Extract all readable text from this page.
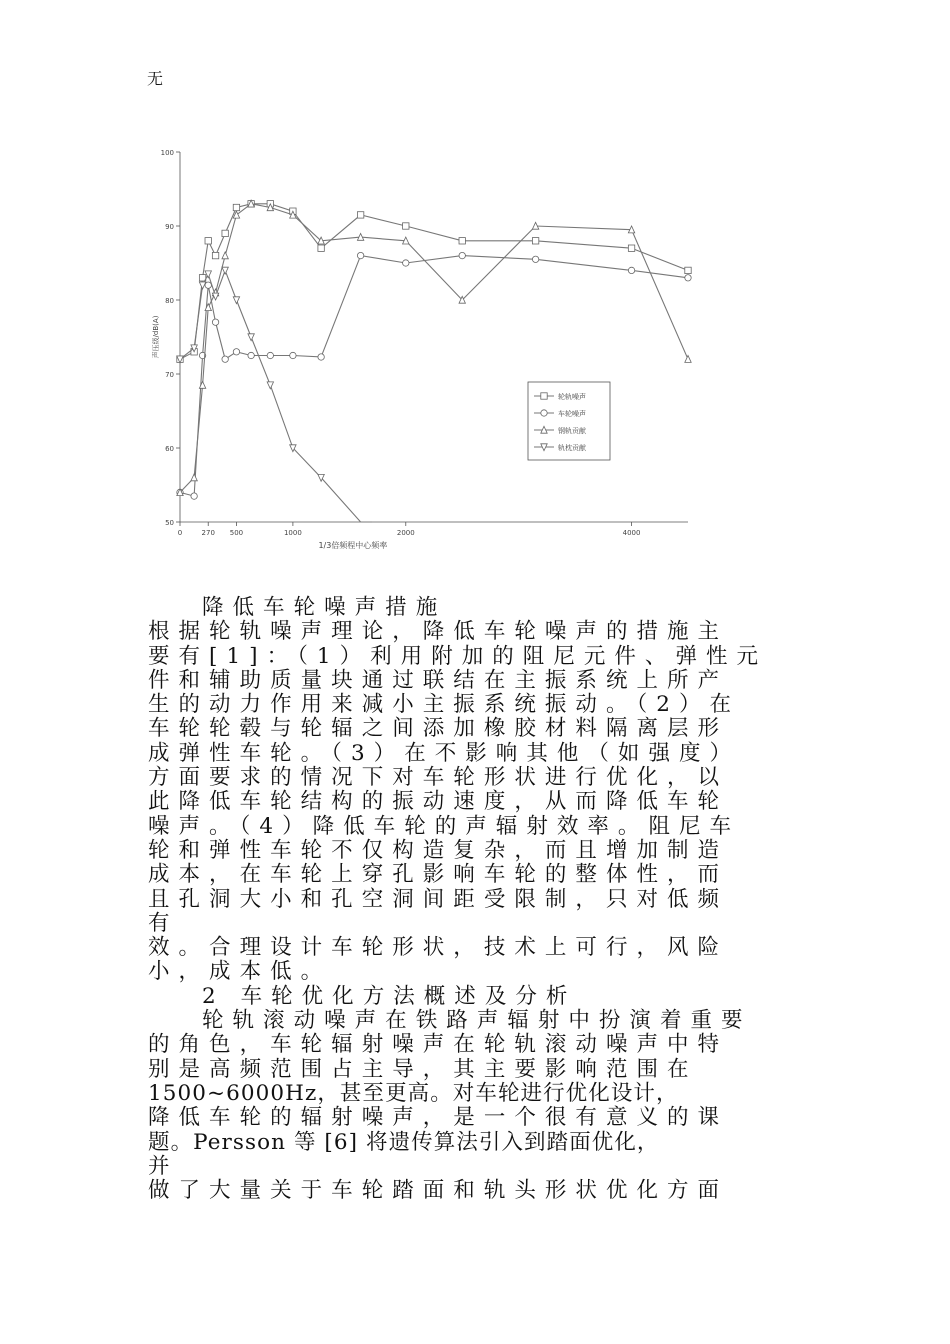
无
50
60
70
80
90
100
0	270 500	1000	2000	4000
1/3倍频程中心频率
声压级/dB(A)
轮轨噪声
车轮噪声
钢轨贡献
轨枕贡献
降低车轮噪声措施
根据轮轨噪声理论，降低车轮噪声的措施主
要有[1]：（1）利用附加的阻尼元件、弹性元
件和辅助质量块通过联结在主振系统上所产
生的动力作用来减小主振系统振动。（2）在
车轮轮毂与轮辐之间添加橡胶材料隔离层形
成弹性车轮。（3）在不影响其他（如强度）
方面要求的情况下对车轮形状进行优化，以
此降低车轮结构的振动速度，从而降低车轮
噪声。（4）降低车轮的声辐射效率。阻尼车
轮和弹性车轮不仅构造复杂，而且增加制造
成本，在车轮上穿孔影响车轮的整体性，而
且孔洞大小和孔空洞间距受限制，只对低频
有
效。合理设计车轮形状，技术上可行，风险
小，成本低。
2 车轮优化方法概述及分析
轮轨滚动噪声在铁路声辐射中扮演着重要
的角色，车轮辐射噪声在轮轨滚动噪声中特
别是高频范围占主导，其主要影响范围在
1500~6000Hz，甚至更高。对车轮进行优化设计，
降低车轮的辐射噪声，是一个很有意义的课
题。Persson 等 [6] 将遗传算法引入到踏面优化，
并
做了大量关于车轮踏面和轨头形状优化方面
